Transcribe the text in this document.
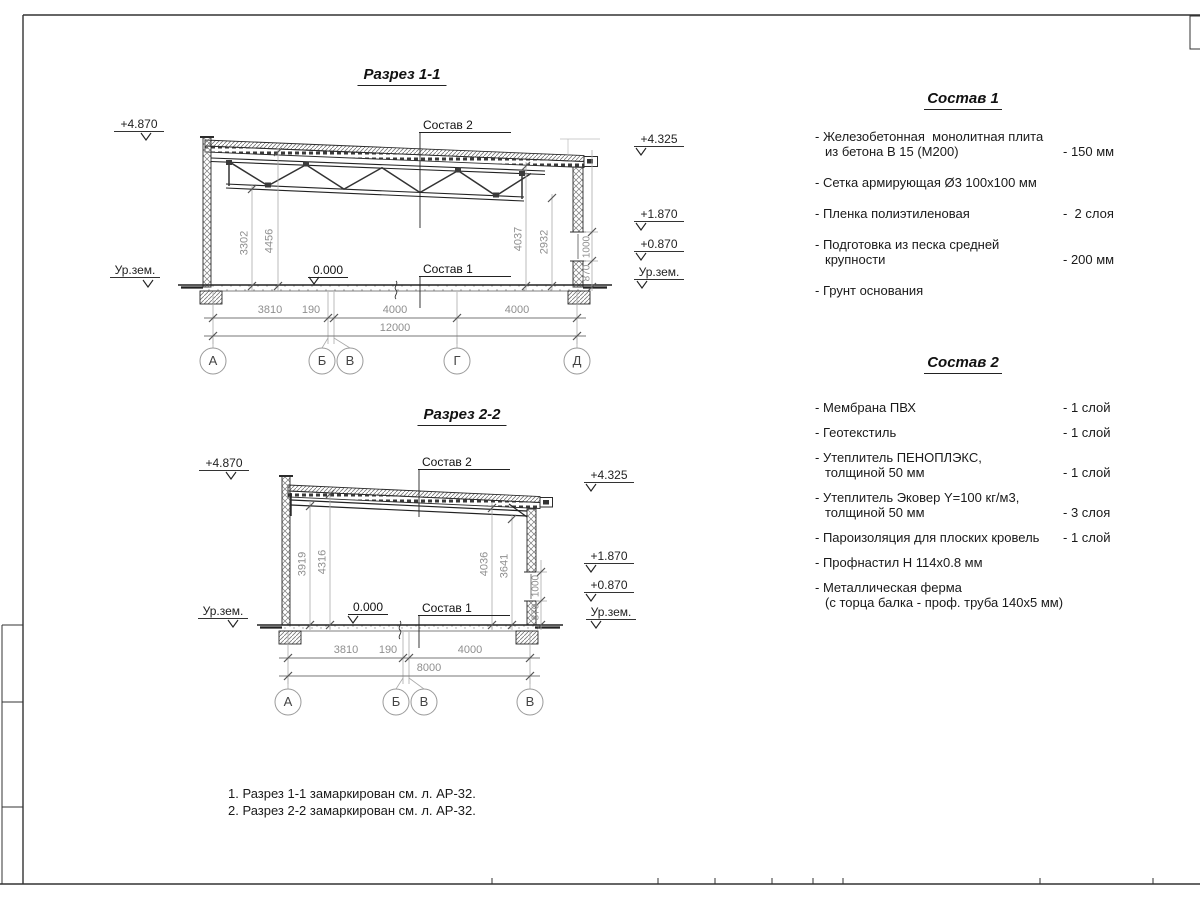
Разрез 1-1
Состав 2
Состав 1
0.000
+4.870
Ур.зем.
+4.325
+1.870
+0.870
Ур.зем.
3302 4456	4037 2932
870
1000
3810 190	4000	4000
12000
А	Б	В	Г	Д
Разрез 2-2
Состав 2
Состав 1
0.000
+4.870
Ур.зем.
+4.325
+1.870
+0.870
Ур.зем.
3919 4316	4036 3641
870
1000
3810 190	4000
8000
А	Б	В	В
Состав 1
- Железобетонная  монолитная плита
из бетона В 15 (М200)	- 150 мм
- Сетка армирующая Ø3 100x100 мм
- Пленка полиэтиленовая	-  2 слоя
- Подготовка из песка средней
крупности	- 200 мм
- Грунт основания
Состав 2
- Мембрана ПВХ	- 1 слой
- Геотекстиль	- 1 слой
- Утеплитель ПЕНОПЛЭКС,
толщиной 50 мм	- 1 слой
- Утеплитель Эковер Y=100 кг/м3,
толщиной 50 мм	- 3 слоя
- Пароизоляция для плоских кровель	- 1 слой
- Профнастил Н 114x0.8 мм
- Металлическая ферма
(с торца балка - проф. труба 140x5 мм)
1. Разрез 1-1 замаркирован см. л. АР-32.
2. Разрез 2-2 замаркирован см. л. АР-32.
